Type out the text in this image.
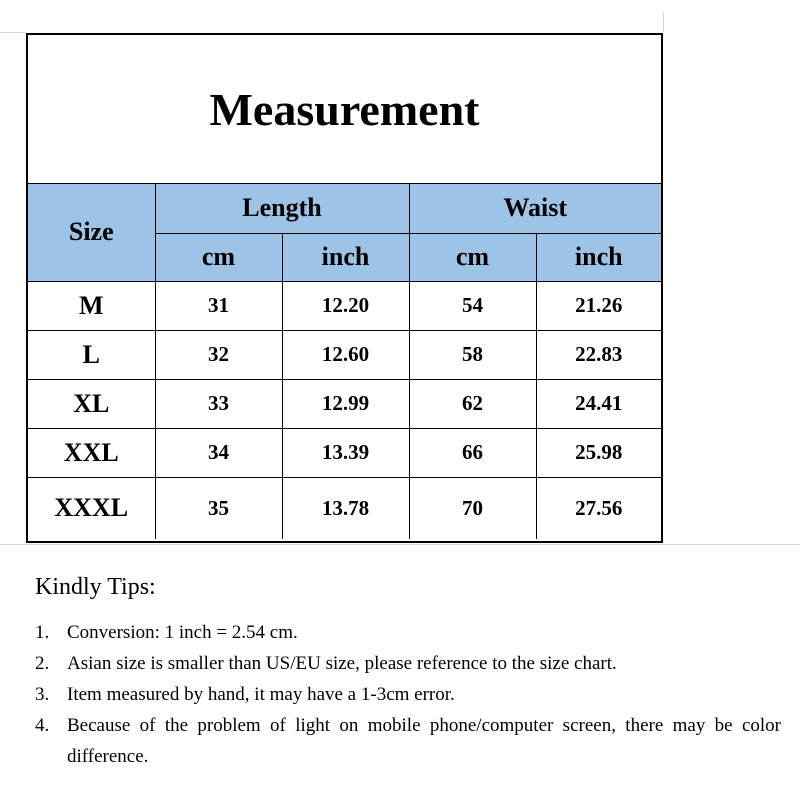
Measurement
Size	Length		Waist	
	cm	inch	cm	inch
M	31	12.20	54	21.26
L	32	12.60	58	22.83
XL	33	12.99	62	24.41
XXL	34	13.39	66	25.98
XXXL	35	13.78	70	27.56
Kindly Tips:
1. Conversion: 1 inch = 2.54 cm.
2. Asian size is smaller than US/EU size, please reference to the size chart.
3. Item measured by hand, it may have a 1-3cm error.
4. Because of the problem of light on mobile phone/computer screen, there may be color difference.
